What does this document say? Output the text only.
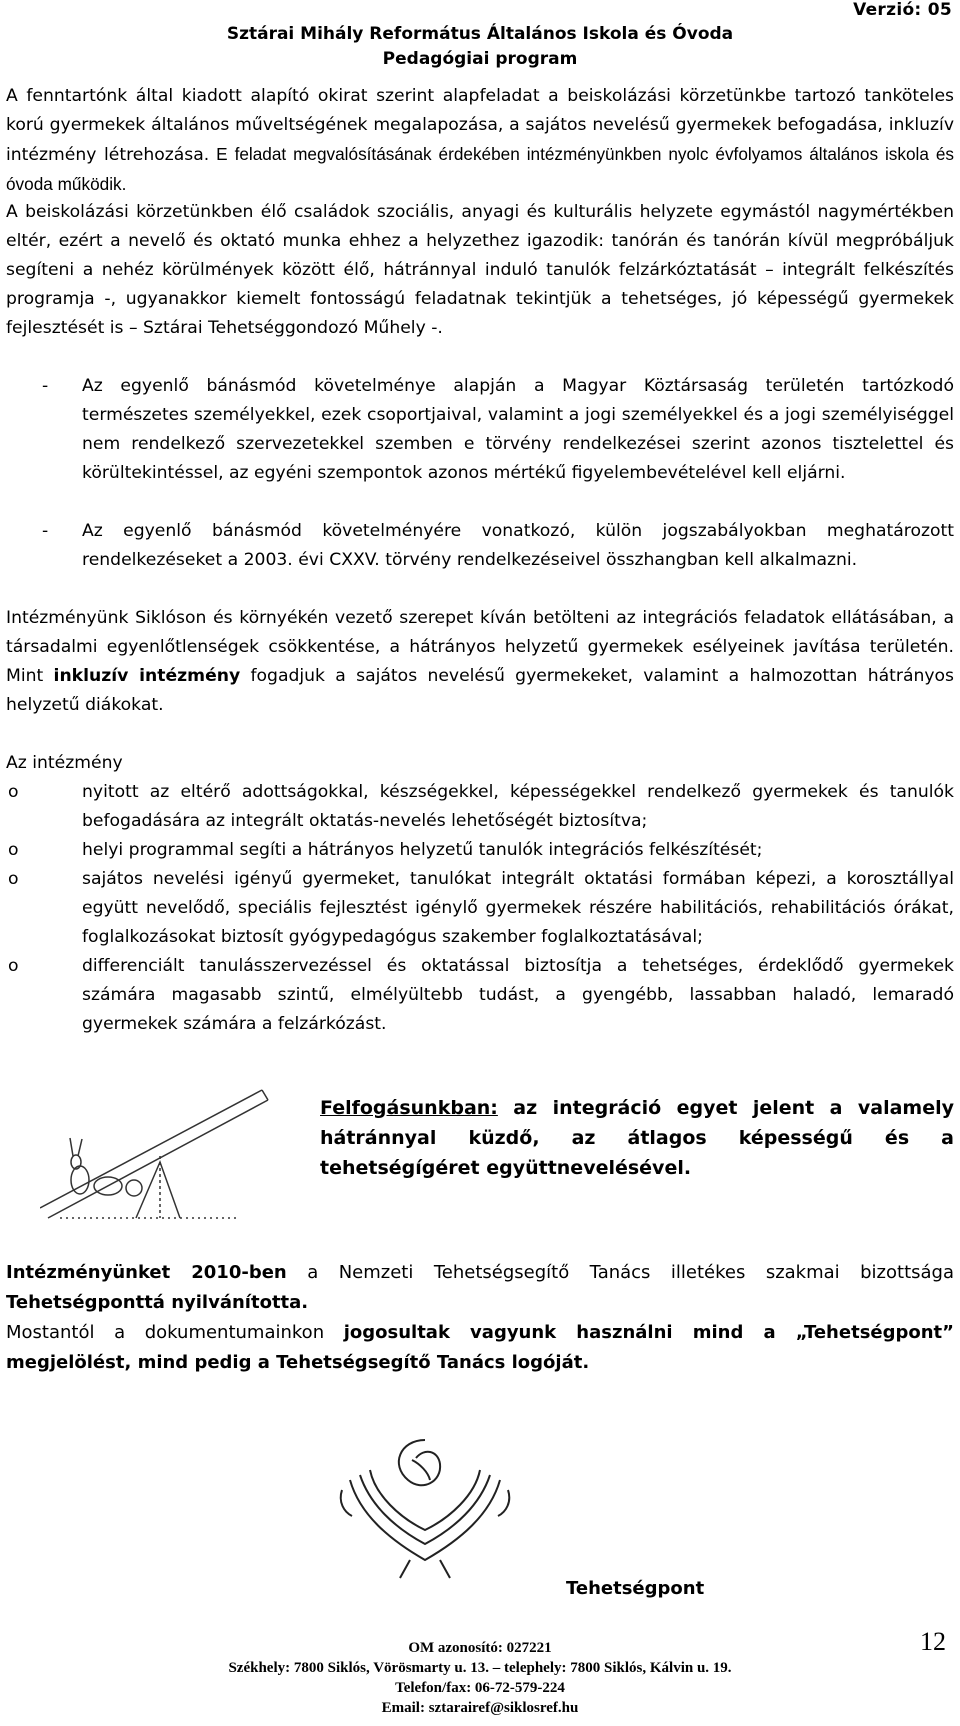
Verzió: 05
Sztárai Mihály Református Általános Iskola és Óvoda
Pedagógiai program

A fenntartónk által kiadott alapító okirat szerint alapfeladat a beiskolázási körzetünkbe tartozó tanköteles korú gyermekek általános műveltségének megalapozása, a sajátos nevelésű gyermekek befogadása, inkluzív intézmény létrehozása. E feladat megvalósításának érdekében intézményünkben nyolc évfolyamos általános iskola és óvoda működik.

A beiskolázási körzetünkben élő családok szociális, anyagi és kulturális helyzete egymástól nagymértékben eltér, ezért a nevelő és oktató munka ehhez a helyzethez igazodik: tanórán és tanórán kívül megpróbáljuk segíteni a nehéz körülmények között élő, hátránnyal induló tanulók felzárkóztatását – integrált felkészítés programja -, ugyanakkor kiemelt fontosságú feladatnak tekintjük a tehetséges, jó képességű gyermekek fejlesztését is – Sztárai Tehetséggondozó Műhely -.

- Az egyenlő bánásmód követelménye alapján a Magyar Köztársaság területén tartózkodó természetes személyekkel, ezek csoportjaival, valamint a jogi személyekkel és a jogi személyiséggel nem rendelkező szervezetekkel szemben e törvény rendelkezései szerint azonos tisztelettel és körültekintéssel, az egyéni szempontok azonos mértékű figyelembevételével kell eljárni.
- Az egyenlő bánásmód követelményére vonatkozó, külön jogszabályokban meghatározott rendelkezéseket a 2003. évi CXXV. törvény rendelkezéseivel összhangban kell alkalmazni.

Intézményünk Siklóson és környékén vezető szerepet kíván betölteni az integrációs feladatok ellátásában, a társadalmi egyenlőtlenségek csökkentése, a hátrányos helyzetű gyermekek esélyeinek javítása területén. Mint inkluzív intézmény fogadjuk a sajátos nevelésű gyermekeket, valamint a halmozottan hátrányos helyzetű diákokat.

Az intézmény

o	nyitott az eltérő adottságokkal, készségekkel, képességekkel rendelkező gyermekek és tanulók befogadására az integrált oktatás-nevelés lehetőségét biztosítva;
o	helyi programmal segíti a hátrányos helyzetű tanulók integrációs felkészítését;
o	sajátos nevelési igényű gyermeket, tanulókat integrált oktatási formában képezi, a korosztállyal együtt nevelődő, speciális fejlesztést igénylő gyermekek részére habilitációs, rehabilitációs órákat, foglalkozásokat biztosít gyógypedagógus szakember foglalkoztatásával;
o	differenciált tanulásszervezéssel és oktatással biztosítja a tehetséges, érdeklődő gyermekek számára magasabb szintű, elmélyültebb tudást, a gyengébb, lassabban haladó, lemaradó gyermekek számára a felzárkózást.

Felfogásunkban: az integráció egyet jelent a valamely hátránnyal küzdő, az átlagos képességű és a tehetségígéret együttnevelésével.

Intézményünket 2010-ben a Nemzeti Tehetségsegítő Tanács illetékes szakmai bizottsága Tehetségponttá nyilvánította.
Mostantól a dokumentumainkon jogosultak vagyunk használni mind a „Tehetségpont” megjelölést, mind pedig a Tehetségsegítő Tanács logóját.

Tehetségpont
12
OM azonosító: 027221
Székhely: 7800 Siklós, Vörösmarty u. 13. – telephely: 7800 Siklós, Kálvin u. 19.
Telefon/fax: 06-72-579-224
Email: sztarairef@siklosref.hu
